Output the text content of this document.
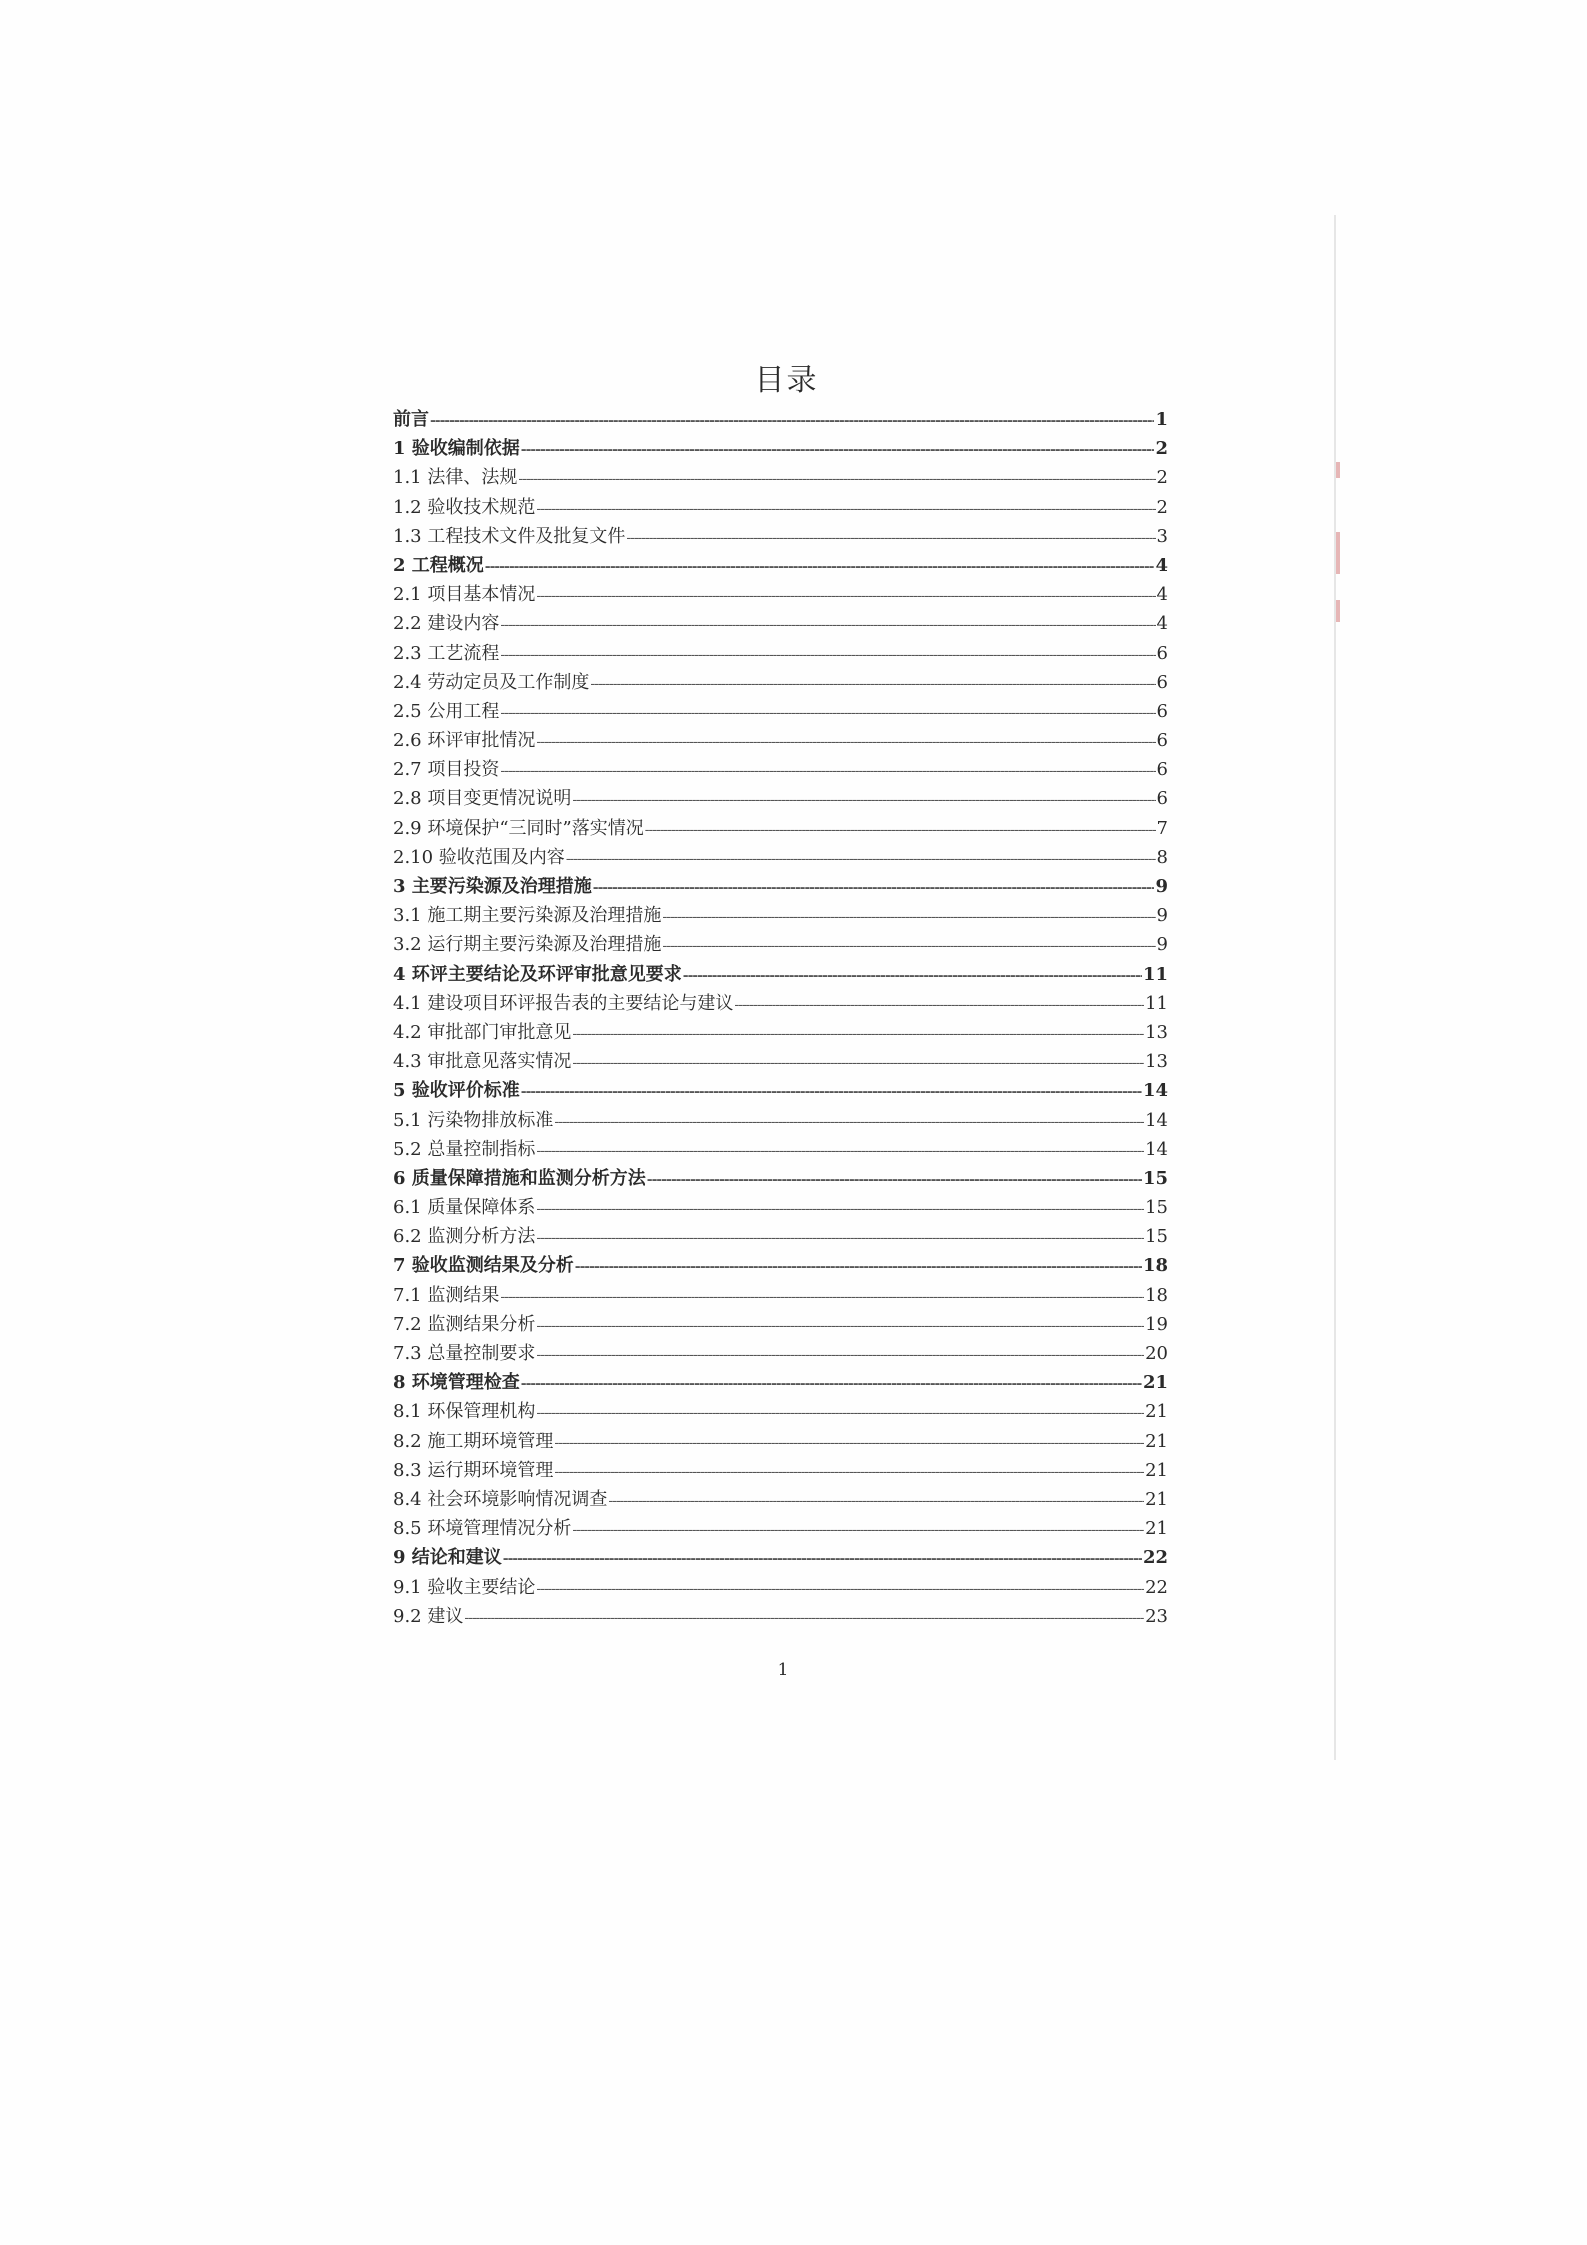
目录
前言 -----	1
1 验收编制依据 -----	2
1.1 法律、法规 -----	2
1.2 验收技术规范 -----	2
1.3 工程技术文件及批复文件 -----	3
2 工程概况 -----	4
2.1 项目基本情况 -----	4
2.2 建设内容 -----	4
2.3 工艺流程 -----	6
2.4 劳动定员及工作制度 -----	6
2.5 公用工程 -----	6
2.6 环评审批情况 -----	6
2.7 项目投资 -----	6
2.8 项目变更情况说明 -----	6
2.9 环境保护“三同时”落实情况 -----	7
2.10 验收范围及内容 -----	8
3 主要污染源及治理措施 -----	9
3.1 施工期主要污染源及治理措施 -----	9
3.2 运行期主要污染源及治理措施 -----	9
4 环评主要结论及环评审批意见要求 -----	11
4.1 建设项目环评报告表的主要结论与建议 -----	11
4.2 审批部门审批意见 -----	13
4.3 审批意见落实情况 -----	13
5 验收评价标准 -----	14
5.1 污染物排放标准 -----	14
5.2 总量控制指标 -----	14
6 质量保障措施和监测分析方法 -----	15
6.1 质量保障体系 -----	15
6.2 监测分析方法 -----	15
7 验收监测结果及分析 -----	18
7.1 监测结果 -----	18
7.2 监测结果分析 -----	19
7.3 总量控制要求 -----	20
8 环境管理检查 -----	21
8.1 环保管理机构 -----	21
8.2 施工期环境管理 -----	21
8.3 运行期环境管理 -----	21
8.4 社会环境影响情况调查 -----	21
8.5 环境管理情况分析 -----	21
9 结论和建议 -----	22
9.1 验收主要结论 -----	22
9.2 建议 -----	23
1
